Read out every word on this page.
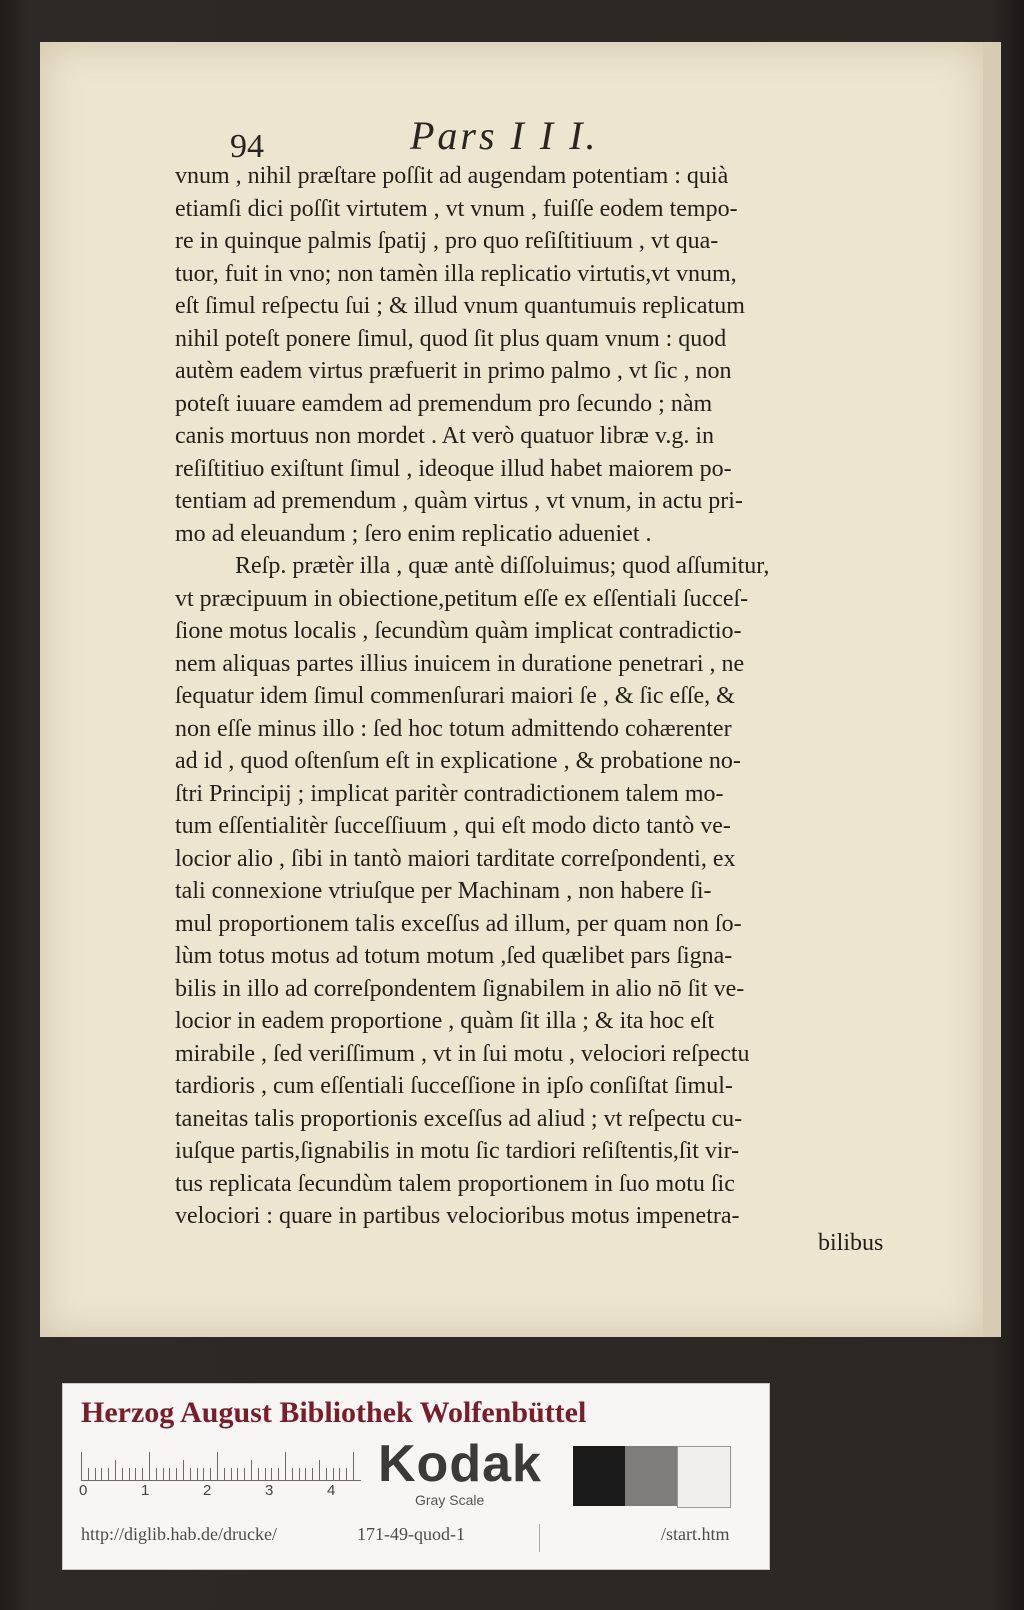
94	Pars I I I.
vnum , nihil præſtare poſſit ad augendam potentiam : quià
etiamſi dici poſſit virtutem , vt vnum , fuiſſe eodem tempo-
re in quinque palmis ſpatij , pro quo reſiſtitiuum , vt qua-
tuor, fuit in vno; non tamèn illa replicatio virtutis,vt vnum,
eſt ſimul reſpectu ſui ; & illud vnum quantumuis replicatum
nihil poteſt ponere ſimul, quod ſit plus quam vnum : quod
autèm eadem virtus præfuerit in primo palmo , vt ſic , non
poteſt iuuare eamdem ad premendum pro ſecundo ; nàm
canis mortuus non mordet . At verò quatuor libræ v.g. in
reſiſtitiuo exiſtunt ſimul , ideoque illud habet maiorem po-
tentiam ad premendum , quàm virtus , vt vnum, in actu pri-
mo ad eleuandum ; ſero enim replicatio adueniet .
Reſp. prætèr illa , quæ antè diſſoluimus; quod aſſumitur,
vt præcipuum in obiectione,petitum eſſe ex eſſentiali ſucceſ-
ſione motus localis , ſecundùm quàm implicat contradictio-
nem aliquas partes illius inuicem in duratione penetrari , ne
ſequatur idem ſimul commenſurari maiori ſe , & ſic eſſe, &
non eſſe minus illo : ſed hoc totum admittendo cohærenter
ad id , quod oſtenſum eſt in explicatione , & probatione no-
ſtri Principij ; implicat paritèr contradictionem talem mo-
tum eſſentialitèr ſucceſſiuum , qui eſt modo dicto tantò ve-
locior alio , ſibi in tantò maiori tarditate correſpondenti, ex
tali connexione vtriuſque per Machinam , non habere ſi-
mul proportionem talis exceſſus ad illum, per quam non ſo-
lùm totus motus ad totum motum ,ſed quælibet pars ſigna-
bilis in illo ad correſpondentem ſignabilem in alio nō ſit ve-
locior in eadem proportione , quàm ſit illa ; & ita hoc eſt
mirabile , ſed veriſſimum , vt in ſui motu , velociori reſpectu
tardioris , cum eſſentiali ſucceſſione in ipſo conſiſtat ſimul-
taneitas talis proportionis exceſſus ad aliud ; vt reſpectu cu-
iuſque partis,ſignabilis in motu ſic tardiori reſiſtentis,ſit vir-
tus replicata ſecundùm talem proportionem in ſuo motu ſic
velociori : quare in partibus velocioribus motus impenetra-
bilibus
Herzog August Bibliothek Wolfenbüttel
0	1	2	3	4 Kodak
Gray Scale
http://diglib.hab.de/drucke/	171-49-quod-1	/start.htm
